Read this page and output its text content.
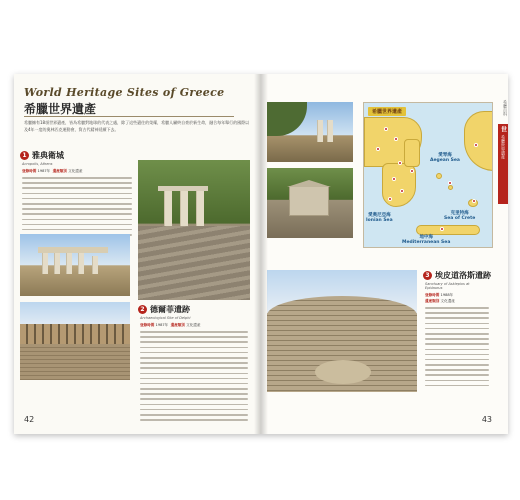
World Heritage Sites of Greece
希臘世界遺產
希臘擁有18項世界遺產，皆為希臘對地球的代表之處，除了這些遺往的榮耀，希臘人屬終自豪於新生命，融合每年舉行的國際以及4年一度的奧林匹克運動會，質古代精神延續下去。
1 雅典衛城
Acropolis, Athens
登錄時間 1987年 遺產類別 文化遺產
2 德爾菲遺跡
Archaeological Site of Delphi
登錄時間 1987年 遺產類別 文化遺產
42
希臘世界遺產
愛琴海
Aegean Sea
愛奧尼亞海
Ionian Sea
地中海
Mediterranean Sea
克里特海
Sea of Crete
3 埃皮道洛斯遺跡
Sanctuary of Asklepios at Epidaurus
登錄時間 1988年
遺產類別 文化遺產
希臘百科
世
希臘世界遺產
43
